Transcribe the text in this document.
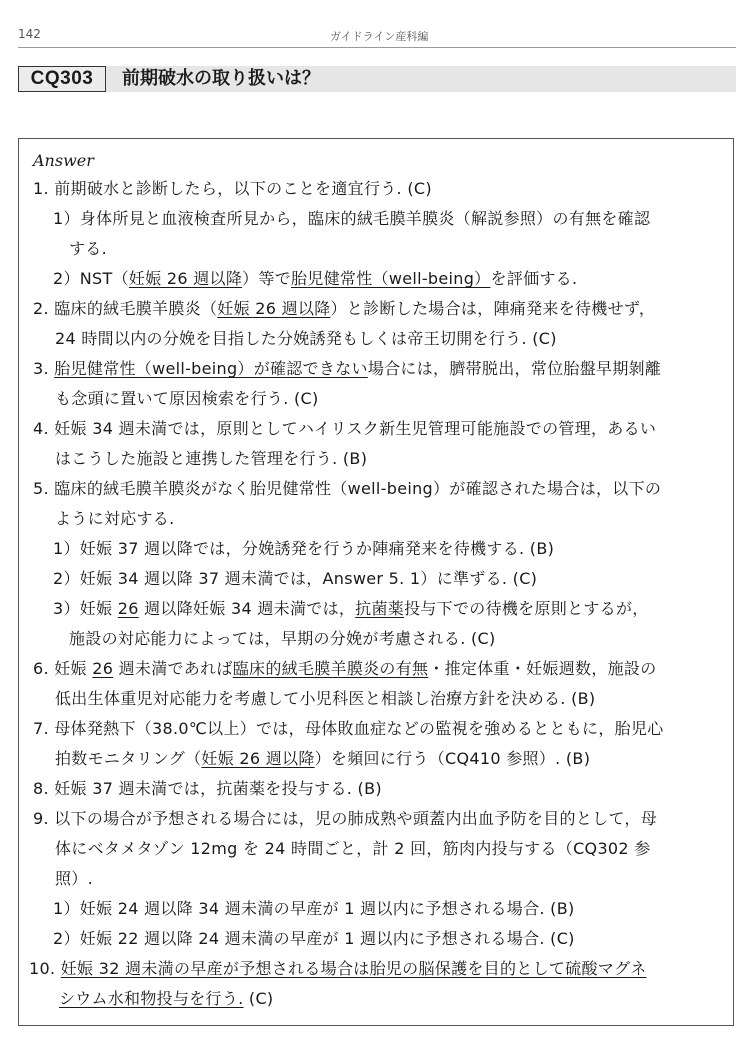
142	ガイドライン産科編
CQ303	前期破水の取り扱いは？
Answer
1. 前期破水と診断したら，以下のことを適宜行う. (C)
1）身体所見と血液検査所見から，臨床的絨毛膜羊膜炎（解説参照）の有無を確認
する.
2）NST（妊娠 26 週以降）等で胎児健常性（well-being）を評価する.
2. 臨床的絨毛膜羊膜炎（妊娠 26 週以降）と診断した場合は，陣痛発来を待機せず，
24 時間以内の分娩を目指した分娩誘発もしくは帝王切開を行う. (C)
3. 胎児健常性（well-being）が確認できない場合には，臍帯脱出，常位胎盤早期剝離
も念頭に置いて原因検索を行う. (C)
4. 妊娠 34 週未満では，原則としてハイリスク新生児管理可能施設での管理，あるい
はこうした施設と連携した管理を行う. (B)
5. 臨床的絨毛膜羊膜炎がなく胎児健常性（well-being）が確認された場合は，以下の
ように対応する.
1）妊娠 37 週以降では，分娩誘発を行うか陣痛発来を待機する. (B)
2）妊娠 34 週以降 37 週未満では，Answer 5. 1）に準ずる. (C)
3）妊娠 26 週以降妊娠 34 週未満では，抗菌薬投与下での待機を原則とするが，
施設の対応能力によっては，早期の分娩が考慮される. (C)
6. 妊娠 26 週未満であれば臨床的絨毛膜羊膜炎の有無・推定体重・妊娠週数，施設の
低出生体重児対応能力を考慮して小児科医と相談し治療方針を決める. (B)
7. 母体発熱下（38.0℃以上）では，母体敗血症などの監視を強めるとともに，胎児心
拍数モニタリング（妊娠 26 週以降）を頻回に行う（CQ410 参照）. (B)
8. 妊娠 37 週未満では，抗菌薬を投与する. (B)
9. 以下の場合が予想される場合には，児の肺成熟や頭蓋内出血予防を目的として，母
体にベタメタゾン 12mg を 24 時間ごと，計 2 回，筋肉内投与する（CQ302 参
照）.
1）妊娠 24 週以降 34 週未満の早産が 1 週以内に予想される場合. (B)
2）妊娠 22 週以降 24 週未満の早産が 1 週以内に予想される場合. (C)
10. 妊娠 32 週未満の早産が予想される場合は胎児の脳保護を目的として硫酸マグネ
シウム水和物投与を行う. (C)
